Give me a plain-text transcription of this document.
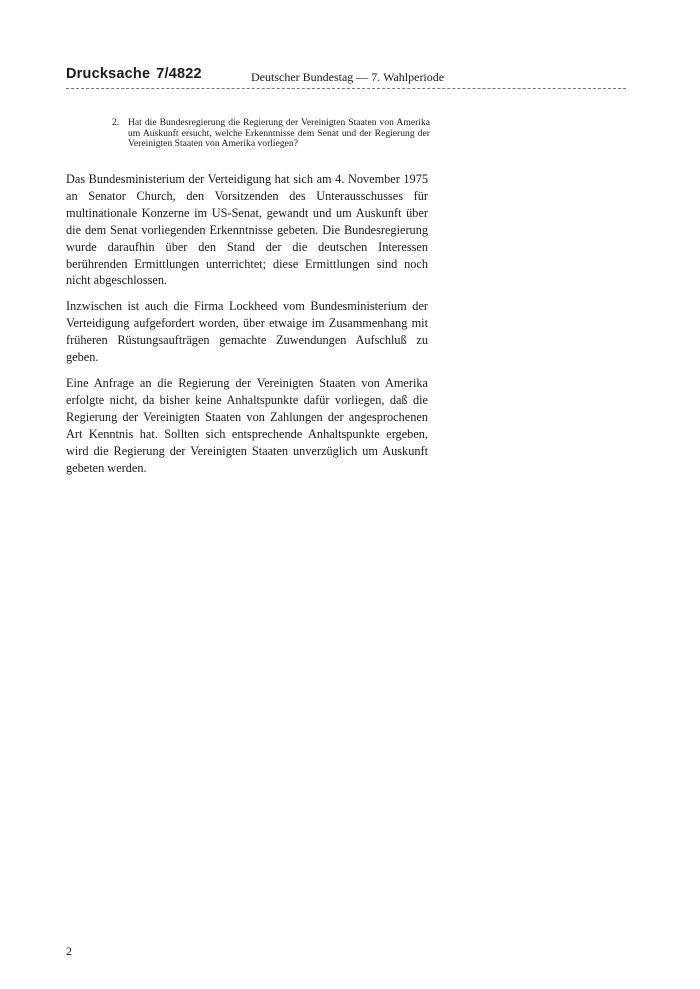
Drucksache 7/4822	Deutscher Bundestag — 7. Wahlperiode
2. Hat die Bundesregierung die Regierung der Vereinigten Staaten von Amerika um Auskunft ersucht, welche Erkenntnisse dem Senat und der Regierung der Vereinigten Staaten von Amerika vorliegen?

Das Bundesministerium der Verteidigung hat sich am 4. November 1975 an Senator Church, den Vorsitzenden des Unterausschusses für multinationale Konzerne im US-Senat, gewandt und um Auskunft über die dem Senat vorliegenden Erkenntnisse gebeten. Die Bundesregierung wurde daraufhin über den Stand der die deutschen Interessen berührenden Ermittlungen unterrichtet; diese Ermittlungen sind noch nicht abgeschlossen.

Inzwischen ist auch die Firma Lockheed vom Bundesministerium der Verteidigung aufgefordert worden, über etwaige im Zusammenhang mit früheren Rüstungsaufträgen gemachte Zuwendungen Aufschluß zu geben.

Eine Anfrage an die Regierung der Vereinigten Staaten von Amerika erfolgte nicht, da bisher keine Anhaltspunkte dafür vorliegen, daß die Regierung der Vereinigten Staaten von Zahlungen der angesprochenen Art Kenntnis hat. Sollten sich entsprechende Anhaltspunkte ergeben, wird die Regierung der Vereinigten Staaten unverzüglich um Auskunft gebeten werden.

2
